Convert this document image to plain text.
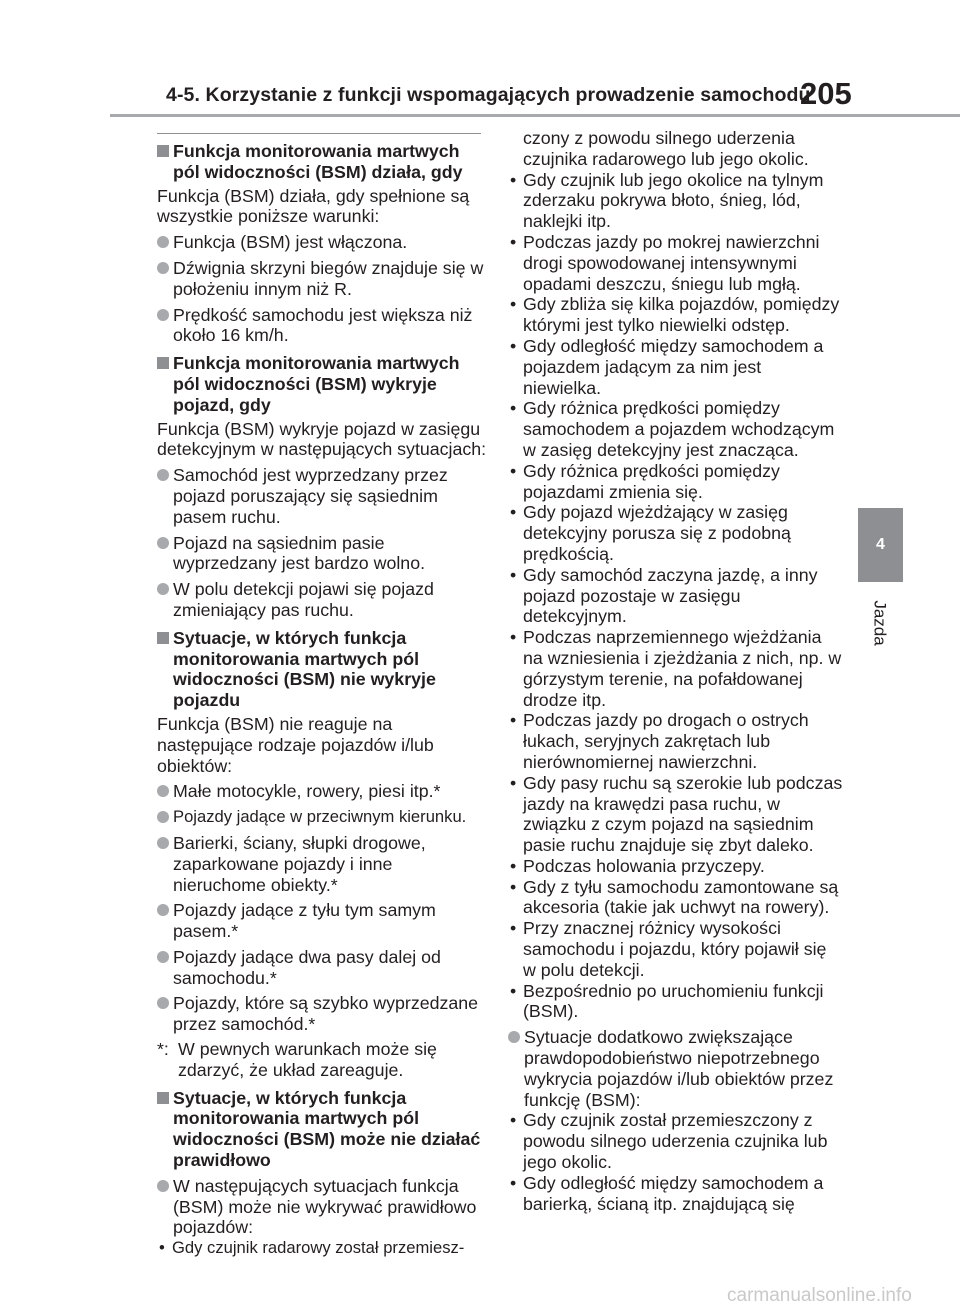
4-5. Korzystanie z funkcji wspomagających prowadzenie samochodu
205
4
Jazda
Funkcja monitorowania martwych pól widoczności (BSM) działa, gdy
Funkcja (BSM) działa, gdy spełnione są wszystkie poniższe warunki:
Funkcja (BSM) jest włączona.
Dźwignia skrzyni biegów znajduje się w położeniu innym niż R.
Prędkość samochodu jest większa niż około 16 km/h.
Funkcja monitorowania martwych pól widoczności (BSM) wykryje pojazd, gdy
Funkcja (BSM) wykryje pojazd w zasięgu detekcyjnym w następujących sytuacjach:
Samochód jest wyprzedzany przez pojazd poruszający się sąsiednim pasem ruchu.
Pojazd na sąsiednim pasie wyprzedzany jest bardzo wolno.
W polu detekcji pojawi się pojazd zmieniający pas ruchu.
Sytuacje, w których funkcja monitorowania martwych pól widoczności (BSM) nie wykryje pojazdu
Funkcja (BSM) nie reaguje na następujące rodzaje pojazdów i/lub obiektów:
Małe motocykle, rowery, piesi itp.*
Pojazdy jadące w przeciwnym kierunku.
Barierki, ściany, słupki drogowe, zaparkowane pojazdy i inne nieruchome obiekty.*
Pojazdy jadące z tyłu tym samym pasem.*
Pojazdy jadące dwa pasy dalej od samochodu.*
Pojazdy, które są szybko wyprzedzane przez samochód.*
*: W pewnych warunkach może się zdarzyć, że układ zareaguje.
Sytuacje, w których funkcja monitorowania martwych pól widoczności (BSM) może nie działać prawidłowo
W następujących sytuacjach funkcja (BSM) może nie wykrywać prawidłowo pojazdów:
• Gdy czujnik radarowy został przemiesz-
czony z powodu silnego uderzenia czujnika radarowego lub jego okolic.
• Gdy czujnik lub jego okolice na tylnym zderzaku pokrywa błoto, śnieg, lód, naklejki itp.
• Podczas jazdy po mokrej nawierzchni drogi spowodowanej intensywnymi opadami deszczu, śniegu lub mgłą.
• Gdy zbliża się kilka pojazdów, pomiędzy którymi jest tylko niewielki odstęp.
• Gdy odległość między samochodem a pojazdem jadącym za nim jest niewielka.
• Gdy różnica prędkości pomiędzy samochodem a pojazdem wchodzącym w zasięg detekcyjny jest znacząca.
• Gdy różnica prędkości pomiędzy pojazdami zmienia się.
• Gdy pojazd wjeżdżający w zasięg detekcyjny porusza się z podobną prędkością.
• Gdy samochód zaczyna jazdę, a inny pojazd pozostaje w zasięgu detekcyjnym.
• Podczas naprzemiennego wjeżdżania na wzniesienia i zjeżdżania z nich, np. w górzystym terenie, na pofałdowanej drodze itp.
• Podczas jazdy po drogach o ostrych łukach, seryjnych zakrętach lub nierównomiernej nawierzchni.
• Gdy pasy ruchu są szerokie lub podczas jazdy na krawędzi pasa ruchu, w związku z czym pojazd na sąsiednim pasie ruchu znajduje się zbyt daleko.
• Podczas holowania przyczepy.
• Gdy z tyłu samochodu zamontowane są akcesoria (takie jak uchwyt na rowery).
• Przy znacznej różnicy wysokości samochodu i pojazdu, który pojawił się w polu detekcji.
• Bezpośrednio po uruchomieniu funkcji (BSM).
Sytuacje dodatkowo zwiększające prawdopodobieństwo niepotrzebnego wykrycia pojazdów i/lub obiektów przez funkcję (BSM):
• Gdy czujnik został przemieszczony z powodu silnego uderzenia czujnika lub jego okolic.
• Gdy odległość między samochodem a barierką, ścianą itp. znajdującą się
carmanualsonline.info
